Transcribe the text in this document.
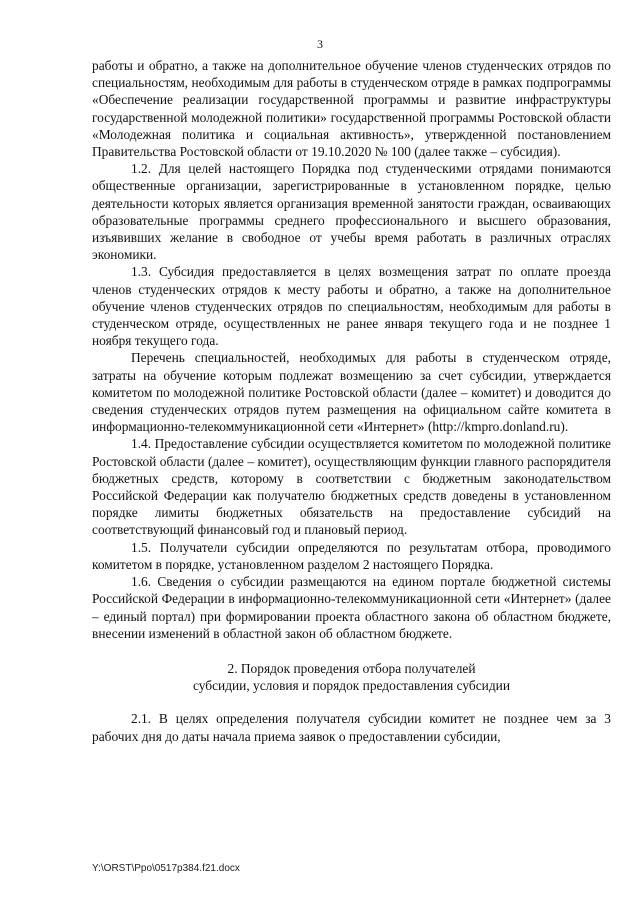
3

работы и обратно, а также на дополнительное обучение членов студенческих отрядов по специальностям, необходимым для работы в студенческом отряде в рамках подпрограммы «Обеспечение реализации государственной программы и развитие инфраструктуры государственной молодежной политики» государственной программы Ростовской области «Молодежная политика и социальная активность», утвержденной постановлением Правительства Ростовской области от 19.10.2020 № 100 (далее также – субсидия).

1.2. Для целей настоящего Порядка под студенческими отрядами понимаются общественные организации, зарегистрированные в установленном порядке, целью деятельности которых является организация временной занятости граждан, осваивающих образовательные программы среднего профессионального и высшего образования, изъявивших желание в свободное от учебы время работать в различных отраслях экономики.

1.3. Субсидия предоставляется в целях возмещения затрат по оплате проезда членов студенческих отрядов к месту работы и обратно, а также на дополнительное обучение членов студенческих отрядов по специальностям, необходимым для работы в студенческом отряде, осуществленных не ранее января текущего года и не позднее 1 ноября текущего года.

Перечень специальностей, необходимых для работы в студенческом отряде, затраты на обучение которым подлежат возмещению за счет субсидии, утверждается комитетом по молодежной политике Ростовской области (далее – комитет) и доводится до сведения студенческих отрядов путем размещения на официальном сайте комитета в информационно-телекоммуникационной сети «Интернет» (http://kmpro.donland.ru).

1.4. Предоставление субсидии осуществляется комитетом по молодежной политике Ростовской области (далее – комитет), осуществляющим функции главного распорядителя бюджетных средств, которому в соответствии с бюджетным законодательством Российской Федерации как получателю бюджетных средств доведены в установленном порядке лимиты бюджетных обязательств на предоставление субсидий на соответствующий финансовый год и плановый период.

1.5. Получатели субсидии определяются по результатам отбора, проводимого комитетом в порядке, установленном разделом 2 настоящего Порядка.

1.6. Сведения о субсидии размещаются на едином портале бюджетной системы Российской Федерации в информационно-телекоммуникационной сети «Интернет» (далее – единый портал) при формировании проекта областного закона об областном бюджете, внесении изменений в областной закон об областном бюджете.

2. Порядок проведения отбора получателей

субсидии, условия и порядок предоставления субсидии

2.1. В целях определения получателя субсидии комитет не позднее чем за 3 рабочих дня до даты начала приема заявок о предоставлении субсидии,

Y:\ORST\Ppo\0517p384.f21.docx
